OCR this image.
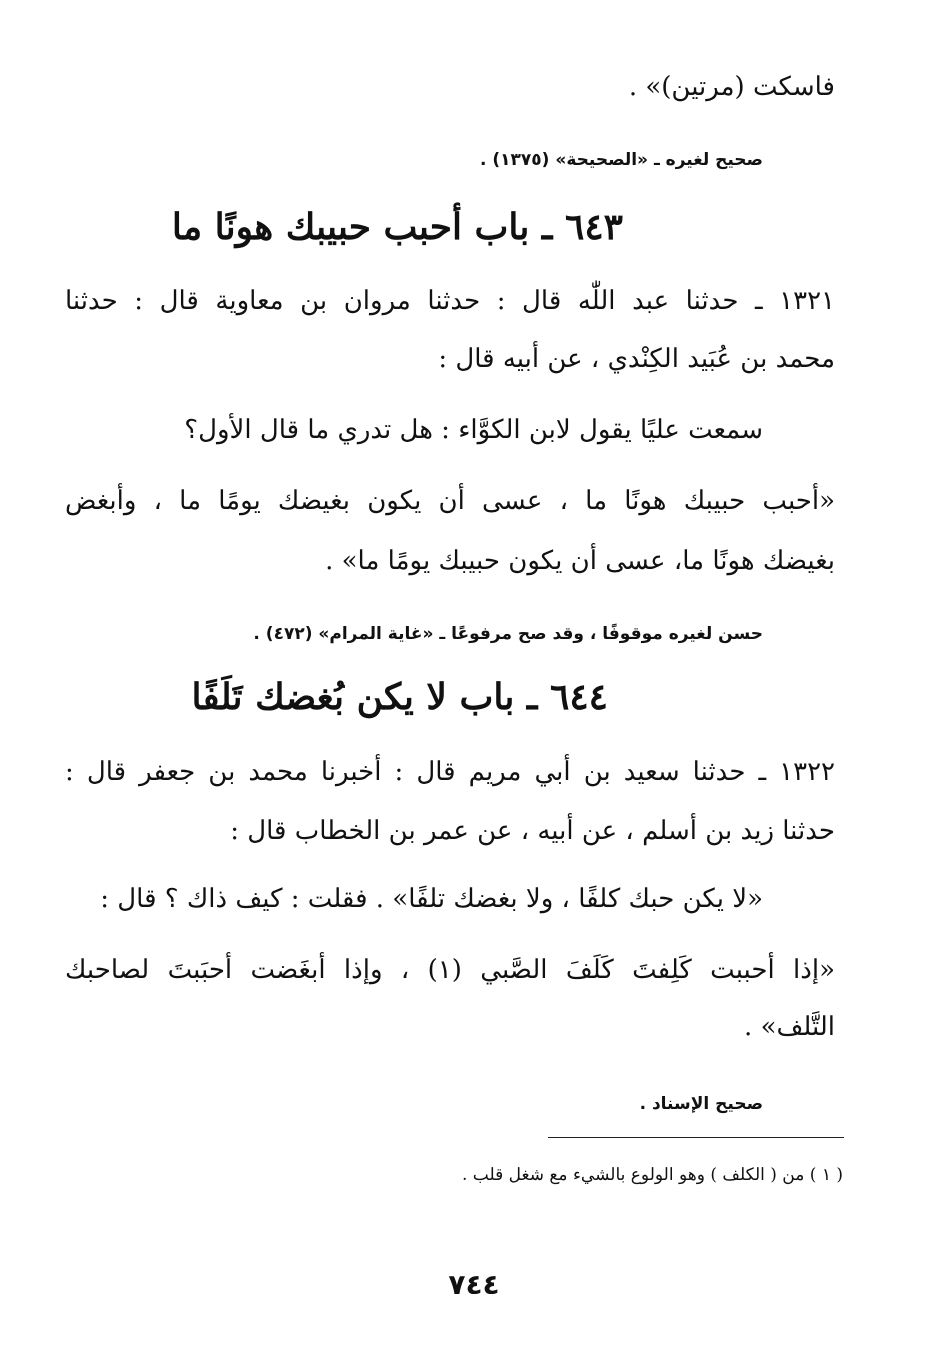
فاسكت (مرتين)» .
صحيح لغيره ـ «الصحيحة» (١٣٧٥) .
٦٤٣ ـ باب أحبب حبيبك هونًا ما
١٣٢١ ـ حدثنا عبد اللّٰه قال : حدثنا مروان بن معاوية قال : حدثنا
محمد بن عُبَيد الكِنْدي ، عن أبيه قال :
سمعت عليًا يقول لابن الكوَّاء : هل تدري ما قال الأول؟
«أحبب حبيبك هونًا ما ، عسى أن يكون بغيضك يومًا ما ، وأبغض
بغيضك هونًا ما، عسى أن يكون حبيبك يومًا ما» .
حسن لغيره موقوفًا ، وقد صح مرفوعًا ـ «غاية المرام» (٤٧٢) .
٦٤٤ ـ باب لا يكن بُغضك تَلَفًا
١٣٢٢ ـ حدثنا سعيد بن أبي مريم قال : أخبرنا محمد بن جعفر قال :
حدثنا زيد بن أسلم ، عن أبيه ، عن عمر بن الخطاب قال :
«لا يكن حبك كلفًا ، ولا بغضك تلفًا» . فقلت : كيف ذاك ؟ قال :
«إذا أحببت كَلِفتَ كَلَفَ الصَّبي (١) ، وإذا أبغَضت أحبَبتَ لصاحبك
التَّلف» .
صحيح الإسناد .
( ١ ) من ( الكلف ) وهو الولوع بالشيء مع شغل قلب .
٧٤٤
